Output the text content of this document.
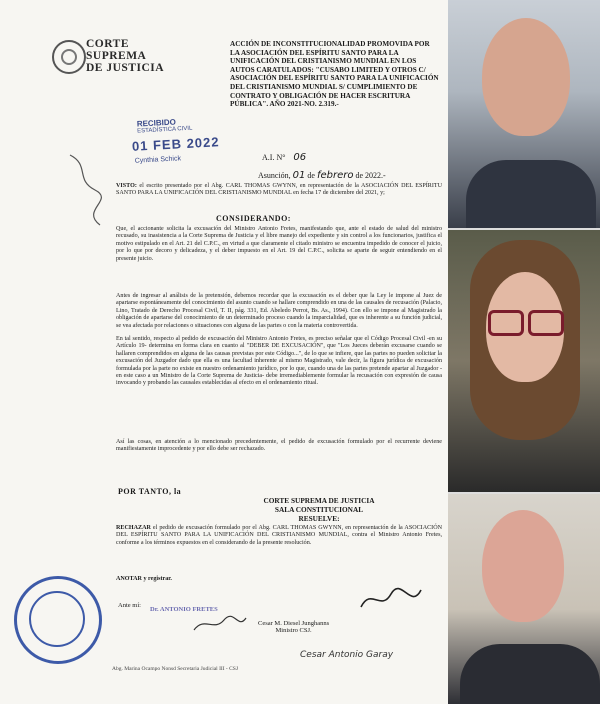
CORTE
SUPREMA
DE JUSTICIA
ACCIÓN DE INCONSTITUCIONALIDAD PROMOVIDA POR LA ASOCIACIÓN DEL ESPÍRITU SANTO PARA LA UNIFICACIÓN DEL CRISTIANISMO MUNDIAL EN LOS AUTOS CARATULADOS: "CUSABO LIMITED Y OTROS C/ ASOCIACIÓN DEL ESPÍRITU SANTO PARA LA UNIFICACIÓN DEL CRISTIANISMO MUNDIAL S/ CUMPLIMIENTO DE CONTRATO Y OBLIGACIÓN DE HACER ESCRITURA PÚBLICA". AÑO 2021-NO. 2.319.-
RECIBIDO
ESTADÍSTICA CIVIL
01 FEB 2022
Cynthia Schick	A.I. N° 06
Asunción, 01 de febrero de 2022.-
VISTO: el escrito presentado por el Abg. CARL THOMAS GWYNN, en representación de la ASOCIACIÓN DEL ESPÍRITU SANTO PARA LA UNIFICACIÓN DEL CRISTIANISMO MUNDIAL en fecha 17 de diciembre del 2021, y;
CONSIDERANDO:
Que, el accionante solicita la excusación del Ministro Antonio Fretes, manifestando que, ante el estado de salud del ministro recusado, su inasistencia a la Corte Suprema de Justicia y el libre manejo del expediente y sin control a los funcionarios, justifica el motivo estipulado en el Art. 21 del C.P.C., en virtud a que claramente el citado ministro se encuentra impedido de conocer el juicio, por lo que por decoro y delicadeza, y el deber impuesto en el Art. 19 del C.P.C., solicita se aparte de seguir entendiendo en el presente juicio.
Antes de ingresar al análisis de la pretensión, debemos recordar que la excusación es el deber que la Ley le impone al Juez de apartarse espontáneamente del conocimiento del asunto cuando se hallare comprendido en una de las causales de recusación (Palacio, Lino, Tratado de Derecho Procesal Civil, T. II, pág. 331, Ed. Abeledo Perrot, Bs. As., 1994). Con ello se impone al Magistrado la obligación de apartarse del conocimiento de un determinado proceso cuando la imparcialidad, que es inherente a su función judicial, se vea afectada por relaciones o situaciones con alguna de las partes o con la materia controvertida.
En tal sentido, respecto al pedido de excusación del Ministro Antonio Fretes, es preciso señalar que el Código Procesal Civil -en su Artículo 19- determina en forma clara en cuanto al "DEBER DE EXCUSACIÓN", que "Los Jueces deberán excusarse cuando se hallaren comprendidos en alguna de las causas previstas por este Código...", de lo que se infiere, que las partes no pueden solicitar la excusación del Juzgador dado que ella es una facultad inherente al mismo Magistrado, vale decir, la figura jurídica de excusación formulada por la parte no existe en nuestro ordenamiento jurídico, por lo que, cuando una de las partes pretende apartar al Juzgador -en este caso a un Ministro de la Corte Suprema de Justicia- debe irremediablemente formular la recusación con expresión de causa invocando y probando las causales establecidas al efecto en el ordenamiento ritual.
Así las cosas, en atención a lo mencionado precedentemente, el pedido de excusación formulado por el recurrente deviene manifiestamente improcedente y por ello debe ser rechazado.
POR TANTO, la
CORTE SUPREMA DE JUSTICIA
SALA CONSTITUCIONAL
RESUELVE:
RECHAZAR el pedido de excusación formulado por el Abg. CARL THOMAS GWYNN, en representación de la ASOCIACIÓN DEL ESPÍRITU SANTO PARA LA UNIFICACIÓN DEL CRISTIANISMO MUNDIAL, contra el Ministro Antonio Fretes, conforme a los términos expuestos en el considerando de la presente resolución.
ANOTAR y registrar.
Ante mí:
Dr. ANTONIO FRETES
Cesar M. Diesel Junghanns
Ministro CSJ.
Cesar Antonio Garay
Abg. Marina Ocampo Nonsd Secretaria Judicial III - CSJ
